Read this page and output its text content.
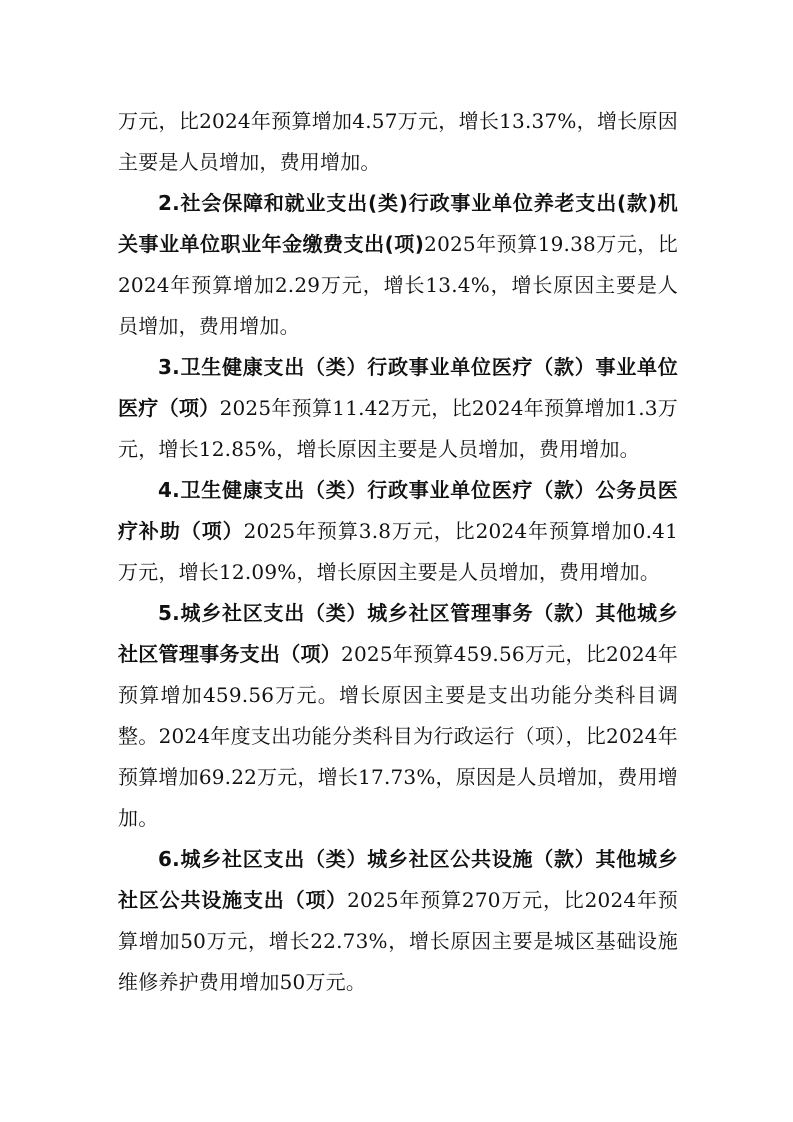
万元，比2024年预算增加4.57万元，增长13.37%，增长原因主要是人员增加，费用增加。

2.社会保障和就业支出(类)行政事业单位养老支出(款)机关事业单位职业年金缴费支出(项)2025年预算19.38万元，比2024年预算增加2.29万元，增长13.4%，增长原因主要是人员增加，费用增加。

3.卫生健康支出（类）行政事业单位医疗（款）事业单位医疗（项）2025年预算11.42万元，比2024年预算增加1.3万元，增长12.85%，增长原因主要是人员增加，费用增加。

4.卫生健康支出（类）行政事业单位医疗（款）公务员医疗补助（项）2025年预算3.8万元，比2024年预算增加0.41万元，增长12.09%，增长原因主要是人员增加，费用增加。

5.城乡社区支出（类）城乡社区管理事务（款）其他城乡社区管理事务支出（项）2025年预算459.56万元，比2024年预算增加459.56万元。增长原因主要是支出功能分类科目调整。2024年度支出功能分类科目为行政运行（项），比2024年预算增加69.22万元，增长17.73%，原因是人员增加，费用增加。

6.城乡社区支出（类）城乡社区公共设施（款）其他城乡社区公共设施支出（项）2025年预算270万元，比2024年预算增加50万元，增长22.73%，增长原因主要是城区基础设施维修养护费用增加50万元。
